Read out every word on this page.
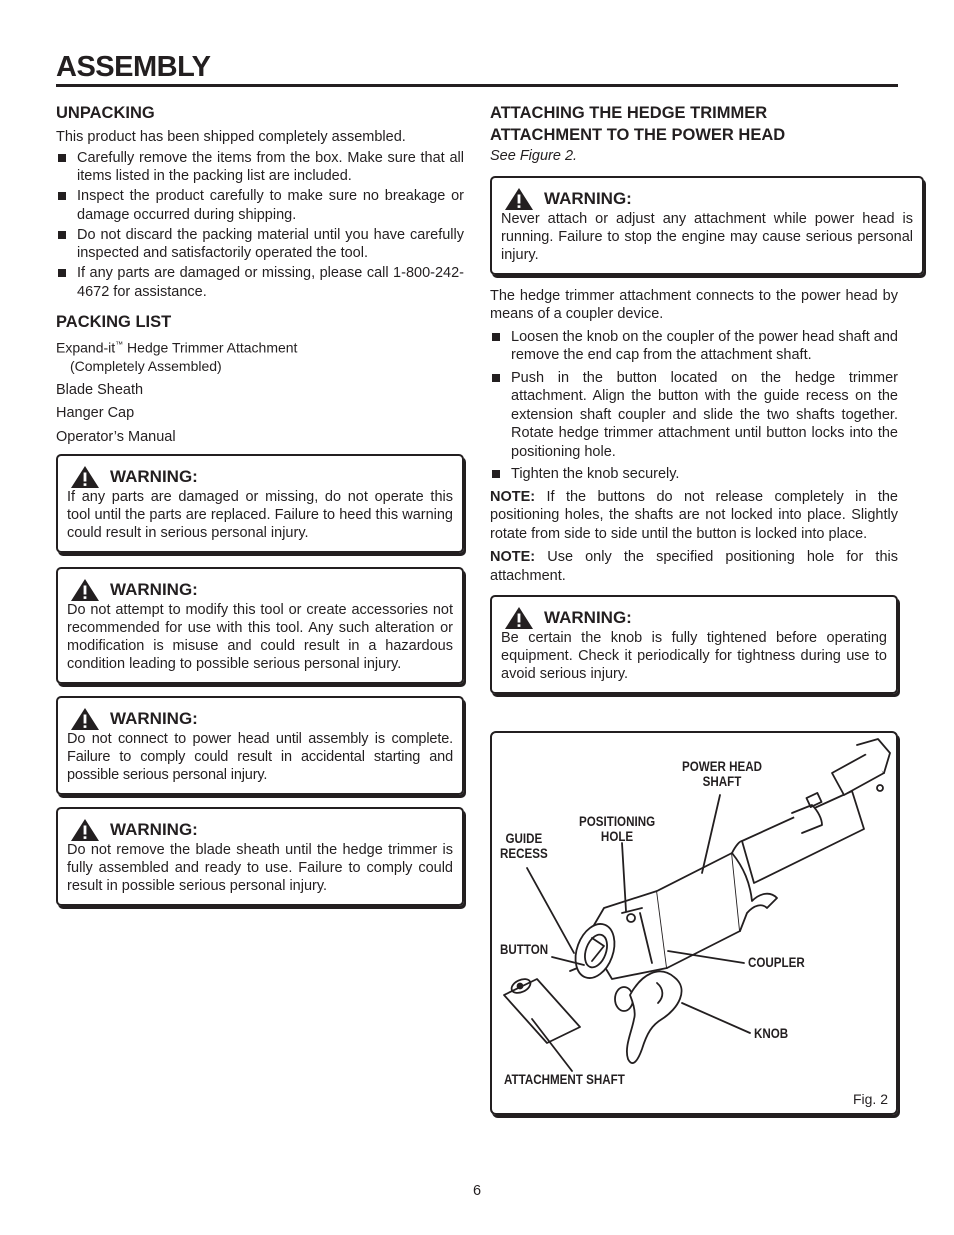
ASSEMBLY
UNPACKING

This product has been shipped completely assembled.

Carefully remove the items from the box. Make sure that all items listed in the packing list are included.
Inspect the product carefully to make sure no breakage or damage occurred during shipping.
Do not discard the packing material until you have carefully inspected and satisfactorily operated the tool.
If any parts are damaged or missing, please call 1-800-242-4672 for assistance.
PACKING LIST
Expand-it™ Hedge Trimmer Attachment
(Completely Assembled)
Blade Sheath
Hanger Cap
Operator’s Manual
WARNING:
If any parts are damaged or missing, do not operate this tool until the parts are replaced. Failure to heed this warning could result in serious personal injury.
WARNING:
Do not attempt to modify this tool or create accessories not recommended for use with this tool. Any such alteration or modification is misuse and could result in a hazardous condition leading to possible serious personal injury.
WARNING:
Do not connect to power head until assembly is complete. Failure to comply could result in accidental starting and possible serious personal injury.
WARNING:
Do not remove the blade sheath until the hedge trimmer is fully assembled and ready to use. Failure to comply could result in possible serious personal injury.
ATTACHING THE HEDGE TRIMMER
ATTACHMENT TO THE POWER HEAD

See Figure 2.

WARNING:
Never attach or adjust any attachment while power head is running. Failure to stop the engine may cause serious personal injury.

The hedge trimmer attachment connects to the power head by means of a coupler device.

Loosen the knob on the coupler of the power head shaft and remove the end cap from the attachment shaft.
Push in the button located on the hedge trimmer attachment. Align the button with the guide recess on the extension shaft coupler and slide the two shafts together. Rotate hedge trimmer attachment until button locks into the positioning hole.
Tighten the knob securely.

NOTE: If the buttons do not release completely in the positioning holes, the shafts are not locked into place. Slightly rotate from side to side until the button is locked into place.

NOTE: Use only the specified positioning hole for this attachment.

WARNING:
Be certain the knob is fully tightened before operating equipment. Check it periodically for tightness during use to avoid serious injury.
POWER HEAD
SHAFT
POSITIONING
HOLE
GUIDE
RECESS
BUTTON
COUPLER
KNOB
ATTACHMENT SHAFT
Fig. 2
6
